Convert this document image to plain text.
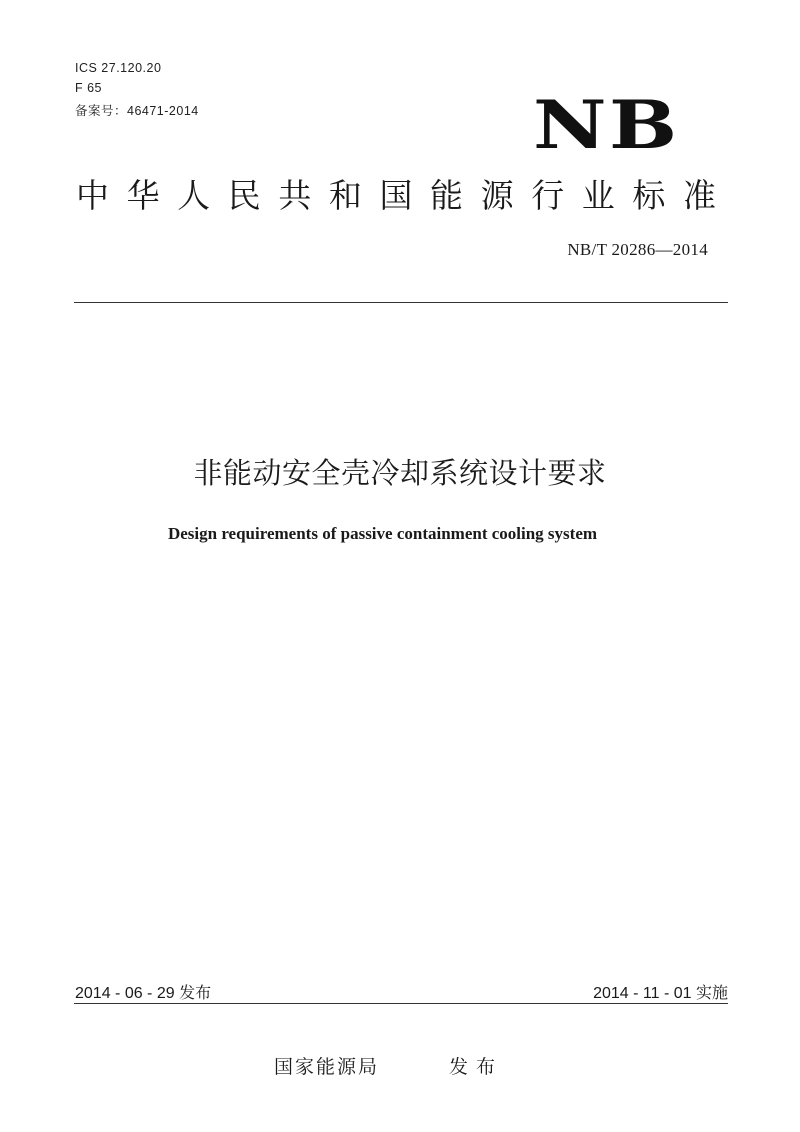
ICS 27.120.20
F 65
备案号：46471-2014	NB
中 华 人 民 共 和 国 能 源 行 业 标 准
NB/T 20286—2014
非能动安全壳冷却系统设计要求
Design requirements of passive containment cooling system
2014 - 06 - 29 发布	2014 - 11 - 01 实施
国家能源局	发布
